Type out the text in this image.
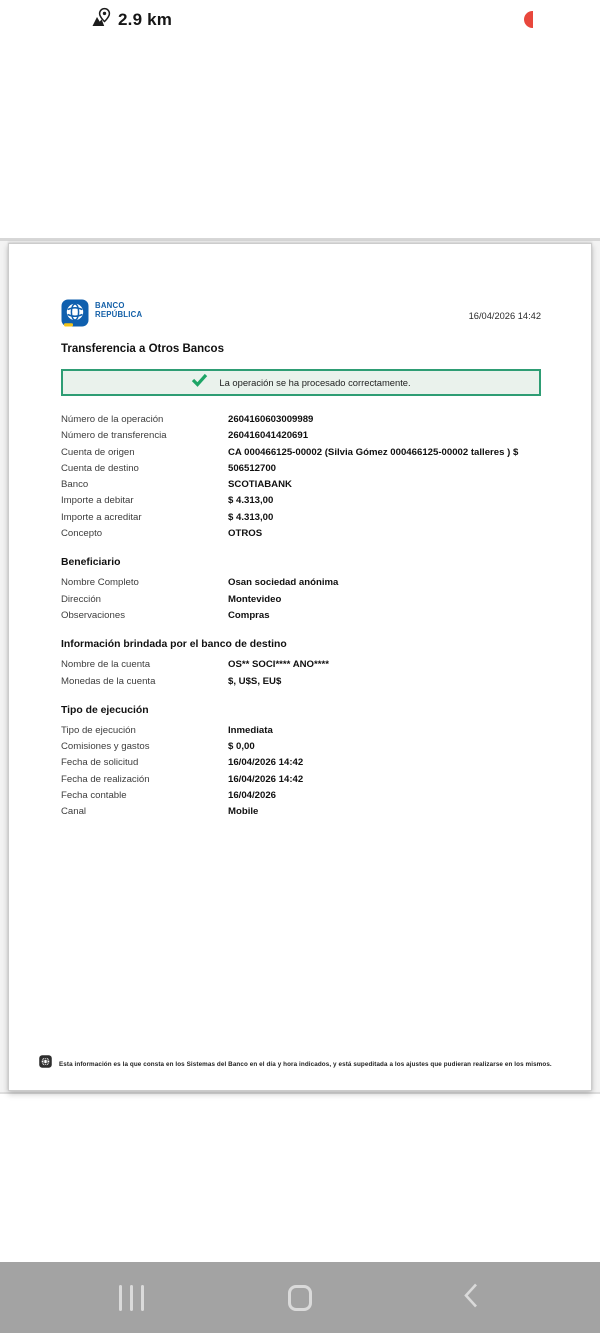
2.9 km
BANCO
REPÚBLICA	16/04/2026 14:42
Transferencia a Otros Bancos
La operación se ha procesado correctamente.
Número de la operación	2604160603009989
Número de transferencia	260416041420691
Cuenta de origen	CA 000466125-00002 (Silvia Gómez 000466125-00002 talleres ) $
Cuenta de destino	506512700
Banco	SCOTIABANK
Importe a debitar	$ 4.313,00
Importe a acreditar	$ 4.313,00
Concepto	OTROS
Beneficiario
Nombre Completo	Osan sociedad anónima
Dirección	Montevideo
Observaciones	Compras
Información brindada por el banco de destino
Nombre de la cuenta	OS** SOCI**** ANO****
Monedas de la cuenta	$, U$S, EU$
Tipo de ejecución
Tipo de ejecución	Inmediata
Comisiones y gastos	$ 0,00
Fecha de solicitud	16/04/2026 14:42
Fecha de realización	16/04/2026 14:42
Fecha contable	16/04/2026
Canal	Mobile
Esta información es la que consta en los Sistemas del Banco en el día y hora indicados, y está supeditada a los ajustes que pudieran realizarse en los mismos.
